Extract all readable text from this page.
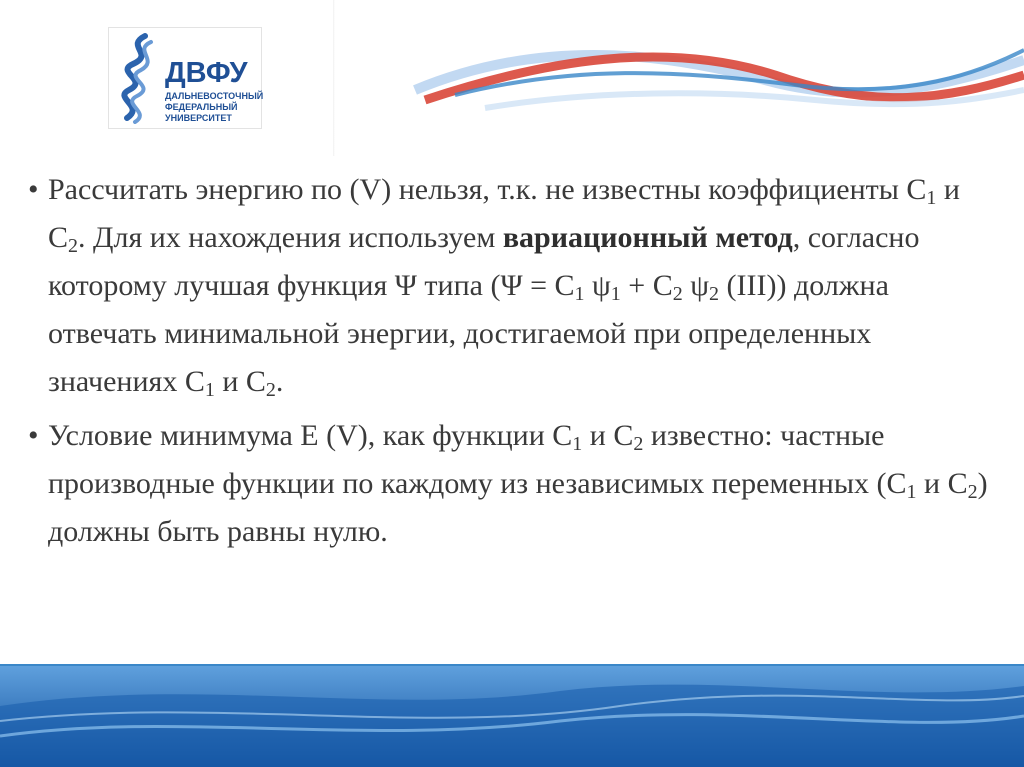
ДВФУ
ДАЛЬНЕВОСТОЧНЫЙ
ФЕДЕРАЛЬНЫЙ
УНИВЕРСИТЕТ
• Рассчитать энергию по (V) нельзя, т.к. не известны коэффициенты $С_1$ и $С_2$. Для их нахождения используем вариационный метод, согласно которому лучшая функция Ψ типа ($\Psi = С_1$ $\psi_1 + С_2$ $\psi_2$ (III)) должна отвечать минимальной энергии, достигаемой при определенных значениях $С_1$ и $С_2$.
• Условие минимума Е (V), как функции $С_1$ и $С_2$ известно: частные производные функции по каждому из независимых переменных ($С_1$ и $С_2$) должны быть равны нулю.
